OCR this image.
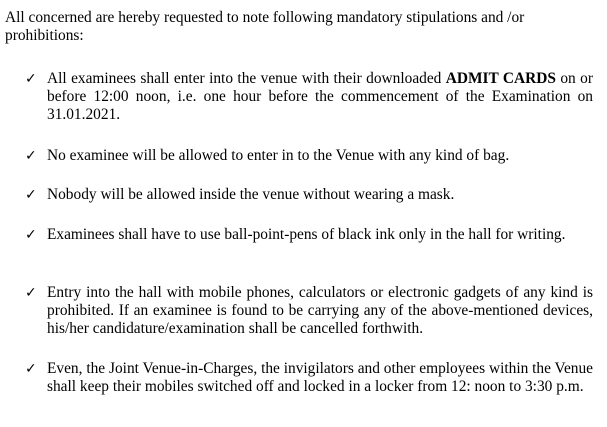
All concerned are hereby requested to note following mandatory stipulations and /or prohibitions:

✓ All examinees shall enter into the venue with their downloaded ADMIT CARDS on or before 12:00 noon, i.e. one hour before the commencement of the Examination on 31.01.2021.

✓ No examinee will be allowed to enter in to the Venue with any kind of bag.

✓ Nobody will be allowed inside the venue without wearing a mask.

✓ Examinees shall have to use ball-point-pens of black ink only in the hall for writing.

✓ Entry into the hall with mobile phones, calculators or electronic gadgets of any kind is prohibited. If an examinee is found to be carrying any of the above-mentioned devices, his/her candidature/examination shall be cancelled forthwith.

✓ Even, the Joint Venue-in-Charges, the invigilators and other employees within the Venue shall keep their mobiles switched off and locked in a locker from 12: noon to 3:30 p.m.
